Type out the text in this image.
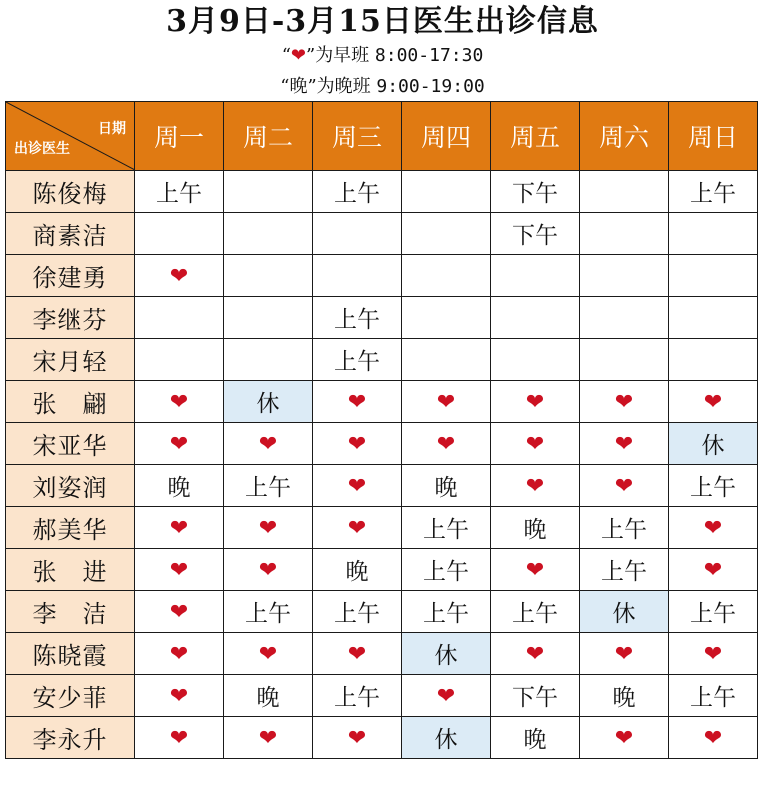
3月9日-3月15日医生出诊信息
“❤”为早班 8:00-17:30
“晚”为晚班 9:00-19:00
日期
出诊医生	周一	周二	周三	周四	周五	周六	周日
陈俊梅	上午		上午		下午		上午
商素洁					下午		
徐建勇	❤						
李继芬			上午				
宋月轻			上午				
张　翩	❤	休	❤	❤	❤	❤	❤
宋亚华	❤	❤	❤	❤	❤	❤	休
刘姿润	晚	上午	❤	晚	❤	❤	上午
郝美华	❤	❤	❤	上午	晚	上午	❤
张　进	❤	❤	晚	上午	❤	上午	❤
李　洁	❤	上午	上午	上午	上午	休	上午
陈晓霞	❤	❤	❤	休	❤	❤	❤
安少菲	❤	晚	上午	❤	下午	晚	上午
李永升	❤	❤	❤	休	晚	❤	❤
